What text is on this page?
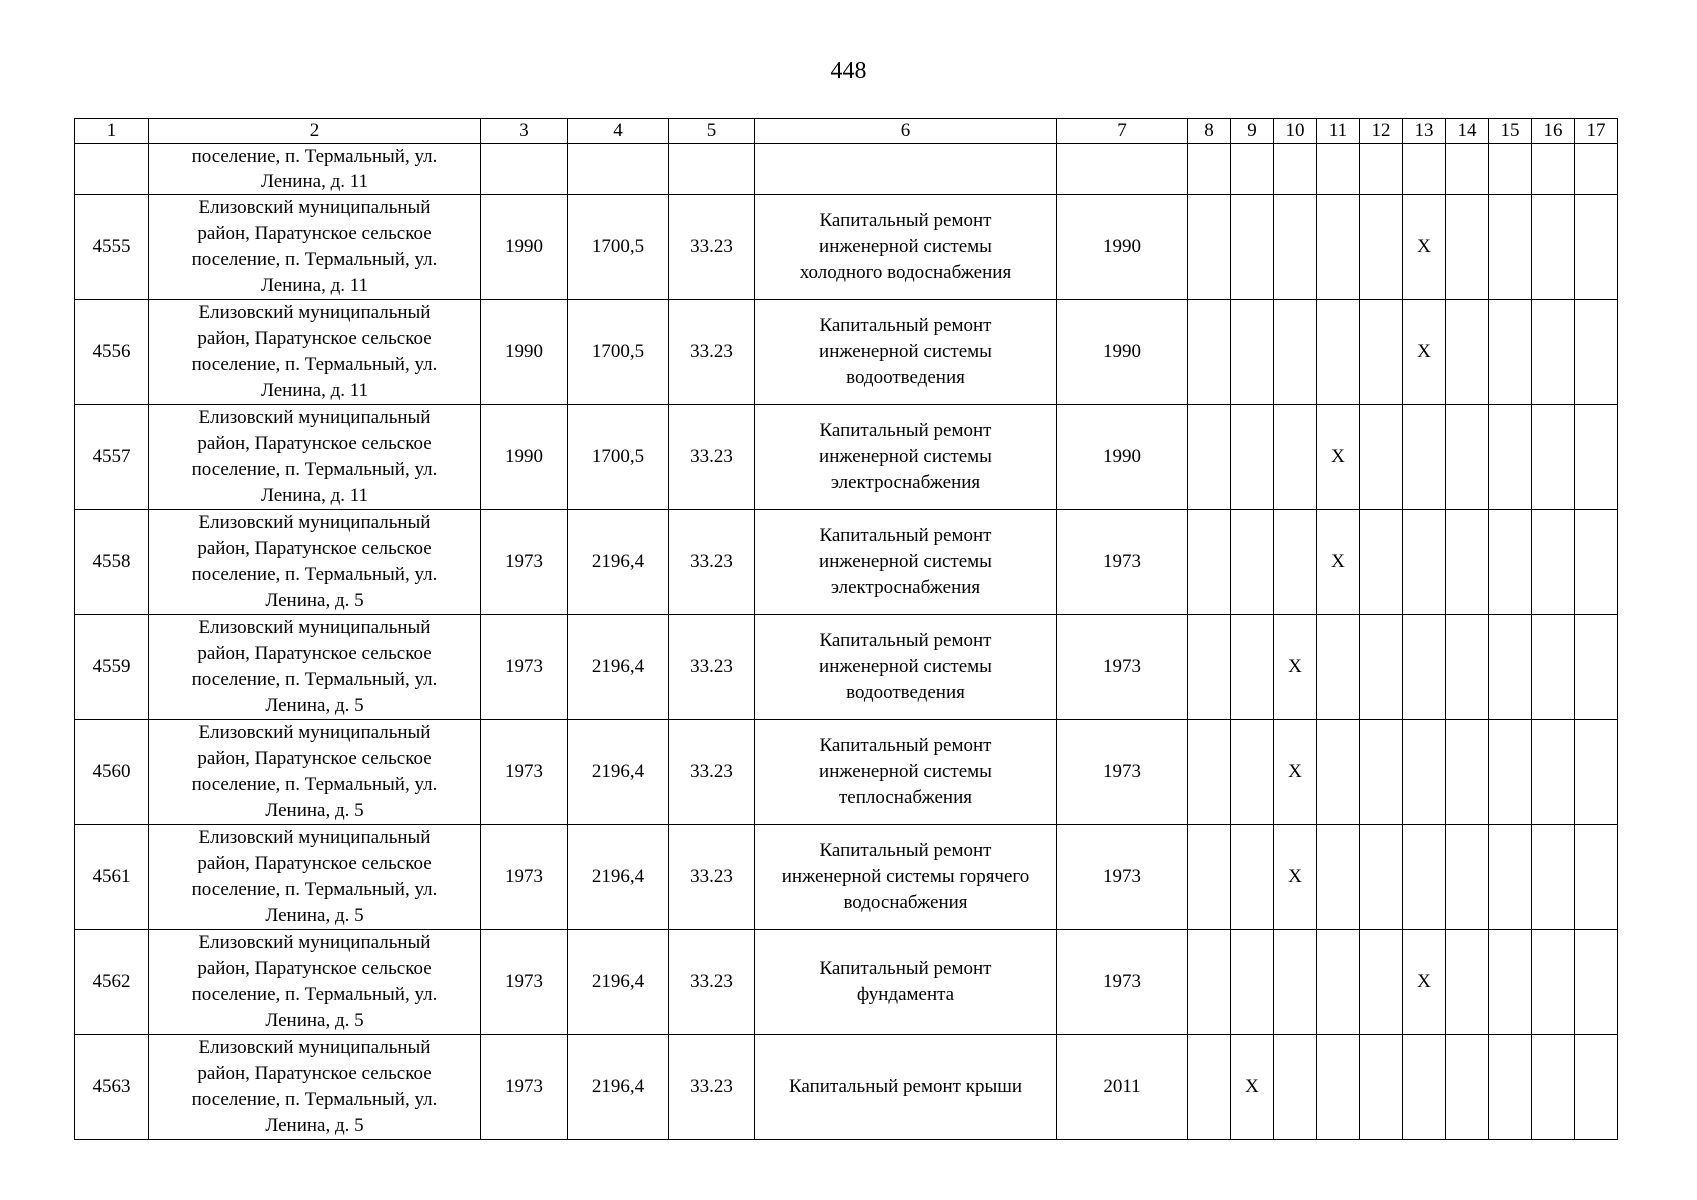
448
1	2	3	4	5	6	7	8	9	10	11	12	13	14	15	16	17
	поселение, п. Термальный, ул.
Ленина, д. 11															
4555	Елизовский муниципальный
район, Паратунское сельское
поселение, п. Термальный, ул.
Ленина, д. 11	1990	1700,5	33.23	Капитальный ремонт
инженерной системы
холодного водоснабжения	1990						X				
4556	Елизовский муниципальный
район, Паратунское сельское
поселение, п. Термальный, ул.
Ленина, д. 11	1990	1700,5	33.23	Капитальный ремонт
инженерной системы
водоотведения	1990						X				
4557	Елизовский муниципальный
район, Паратунское сельское
поселение, п. Термальный, ул.
Ленина, д. 11	1990	1700,5	33.23	Капитальный ремонт
инженерной системы
электроснабжения	1990				X						
4558	Елизовский муниципальный
район, Паратунское сельское
поселение, п. Термальный, ул.
Ленина, д. 5	1973	2196,4	33.23	Капитальный ремонт
инженерной системы
электроснабжения	1973				X						
4559	Елизовский муниципальный
район, Паратунское сельское
поселение, п. Термальный, ул.
Ленина, д. 5	1973	2196,4	33.23	Капитальный ремонт
инженерной системы
водоотведения	1973			X							
4560	Елизовский муниципальный
район, Паратунское сельское
поселение, п. Термальный, ул.
Ленина, д. 5	1973	2196,4	33.23	Капитальный ремонт
инженерной системы
теплоснабжения	1973			X							
4561	Елизовский муниципальный
район, Паратунское сельское
поселение, п. Термальный, ул.
Ленина, д. 5	1973	2196,4	33.23	Капитальный ремонт
инженерной системы горячего
водоснабжения	1973			X							
4562	Елизовский муниципальный
район, Паратунское сельское
поселение, п. Термальный, ул.
Ленина, д. 5	1973	2196,4	33.23	Капитальный ремонт
фундамента	1973						X				
4563	Елизовский муниципальный
район, Паратунское сельское
поселение, п. Термальный, ул.
Ленина, д. 5	1973	2196,4	33.23	Капитальный ремонт крыши	2011		X								
